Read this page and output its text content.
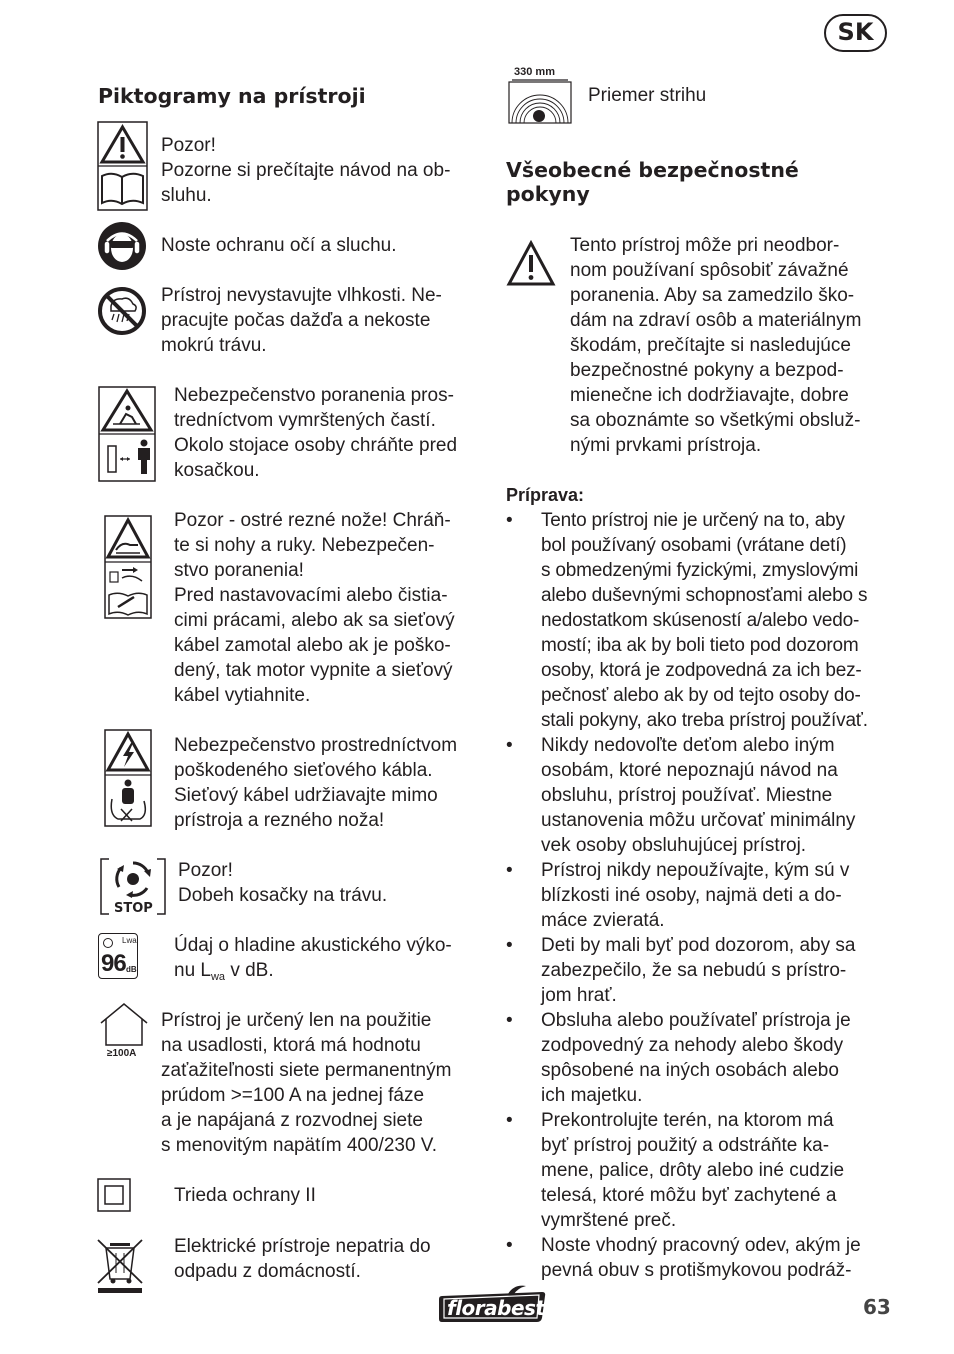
SK
Piktogramy na prístroji
Pozor!
Pozorne si prečítajte návod na ob-
sluhu.
Noste ochranu očí a sluchu.
Prístroj nevystavujte vlhkosti. Ne-
pracujte počas dažďa a nekoste
mokrú trávu.
Nebezpečenstvo poranenia pros-
tredníctvom vymrštených častí.
Okolo stojace osoby chráňte pred
kosačkou.
Pozor - ostré rezné nože! Chráň-
te si nohy a ruky. Nebezpečen-
stvo poranenia!
Pred nastavovacími alebo čistia-
cimi prácami, alebo ak sa sieťový
kábel zamotal alebo ak je poško-
dený, tak motor vypnite a sieťový
kábel vytiahnite.
Nebezpečenstvo prostredníctvom
poškodeného sieťového kábla.
Sieťový kábel udržiavajte mimo
prístroja a rezného noža!
STOP
Pozor!
Dobeh kosačky na trávu.
Lwa
96 dB
Údaj o hladine akustického výko-
nu $L_{wa}$ v dB.
≥100A
Prístroj je určený len na použitie
na usadlosti, ktorá má hodnotu
zaťažiteľnosti siete permanentným
prúdom >=100 A na jednej fáze
a je napájaná z rozvodnej siete
s menovitým napätím 400/230 V.
Trieda ochrany II
Elektrické prístroje nepatria do
odpadu z domácností.
330 mm
Priemer strihu
Všeobecné bezpečnostné
pokyny
Tento prístroj môže pri neodbor-
nom používaní spôsobiť závažné
poranenia. Aby sa zamedzilo ško-
dám na zdraví osôb a materiálnym
škodám, prečítajte si nasledujúce
bezpečnostné pokyny a bezpod-
mienečne ich dodržiavajte, dobre
sa oboznámte so všetkými obsluž-
nými prvkami prístroja.
Príprava:
• Tento prístroj nie je určený na to, aby
bol používaný osobami (vrátane detí)
s obmedzenými fyzickými, zmyslovými
alebo duševnými schopnosťami alebo s
nedostatkom skúseností a/alebo vedo-
mostí; iba ak by boli tieto pod dozorom
osoby, ktorá je zodpovedná za ich bez-
pečnosť alebo ak by od tejto osoby do-
stali pokyny, ako treba prístroj používať.
• Nikdy nedovoľte deťom alebo iným
osobám, ktoré nepoznajú návod na
obsluhu, prístroj používať. Miestne
ustanovenia môžu určovať minimálny
vek osoby obsluhujúcej prístroj.
• Prístroj nikdy nepoužívajte, kým sú v
blízkosti iné osoby, najmä deti a do-
máce zvieratá.
• Deti by mali byť pod dozorom, aby sa
zabezpečilo, že sa nebudú s prístro-
jom hrať.
• Obsluha alebo používateľ prístroja je
zodpovedný za nehody alebo škody
spôsobené na iných osobách alebo
ich majetku.
• Prekontrolujte terén, na ktorom má
byť prístroj použitý a odstráňte ka-
mene, palice, drôty alebo iné cudzie
telesá, ktoré môžu byť zachytené a
vymrštené preč.
• Noste vhodný pracovný odev, akým je
pevná obuv s protišmykovou podráž-
florabest	63
